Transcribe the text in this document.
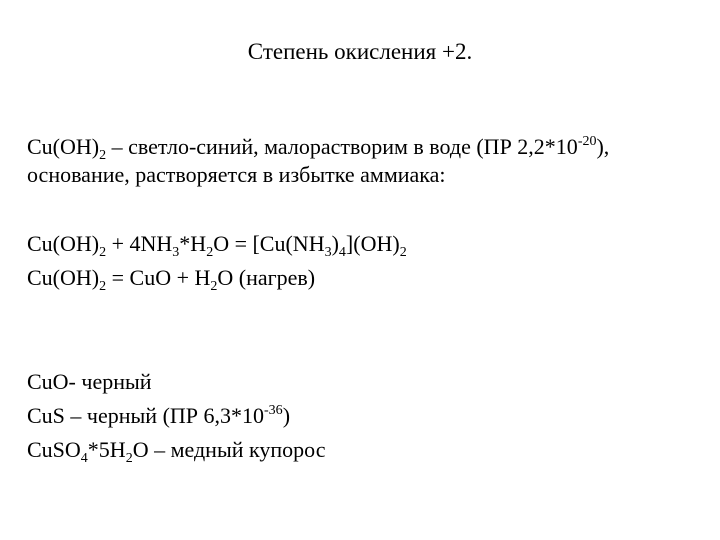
Степень окисления +2.
$Cu(OH)_2$ – светло-синий, малорастворим в воде (ПР $2,2*10^{-20}$),
основание, растворяется в избытке аммиака:
$Cu(OH)_2 + 4NH_3*H_2O = [Cu(NH_3)_4](OH)_2$
$Cu(OH)_2$ = CuO + $H_2O$ (нагрев)
CuO- черный
CuS – черный (ПР $6,3*10^{-36}$)
$CuSO_4*5H_2O$ – медный купорос
